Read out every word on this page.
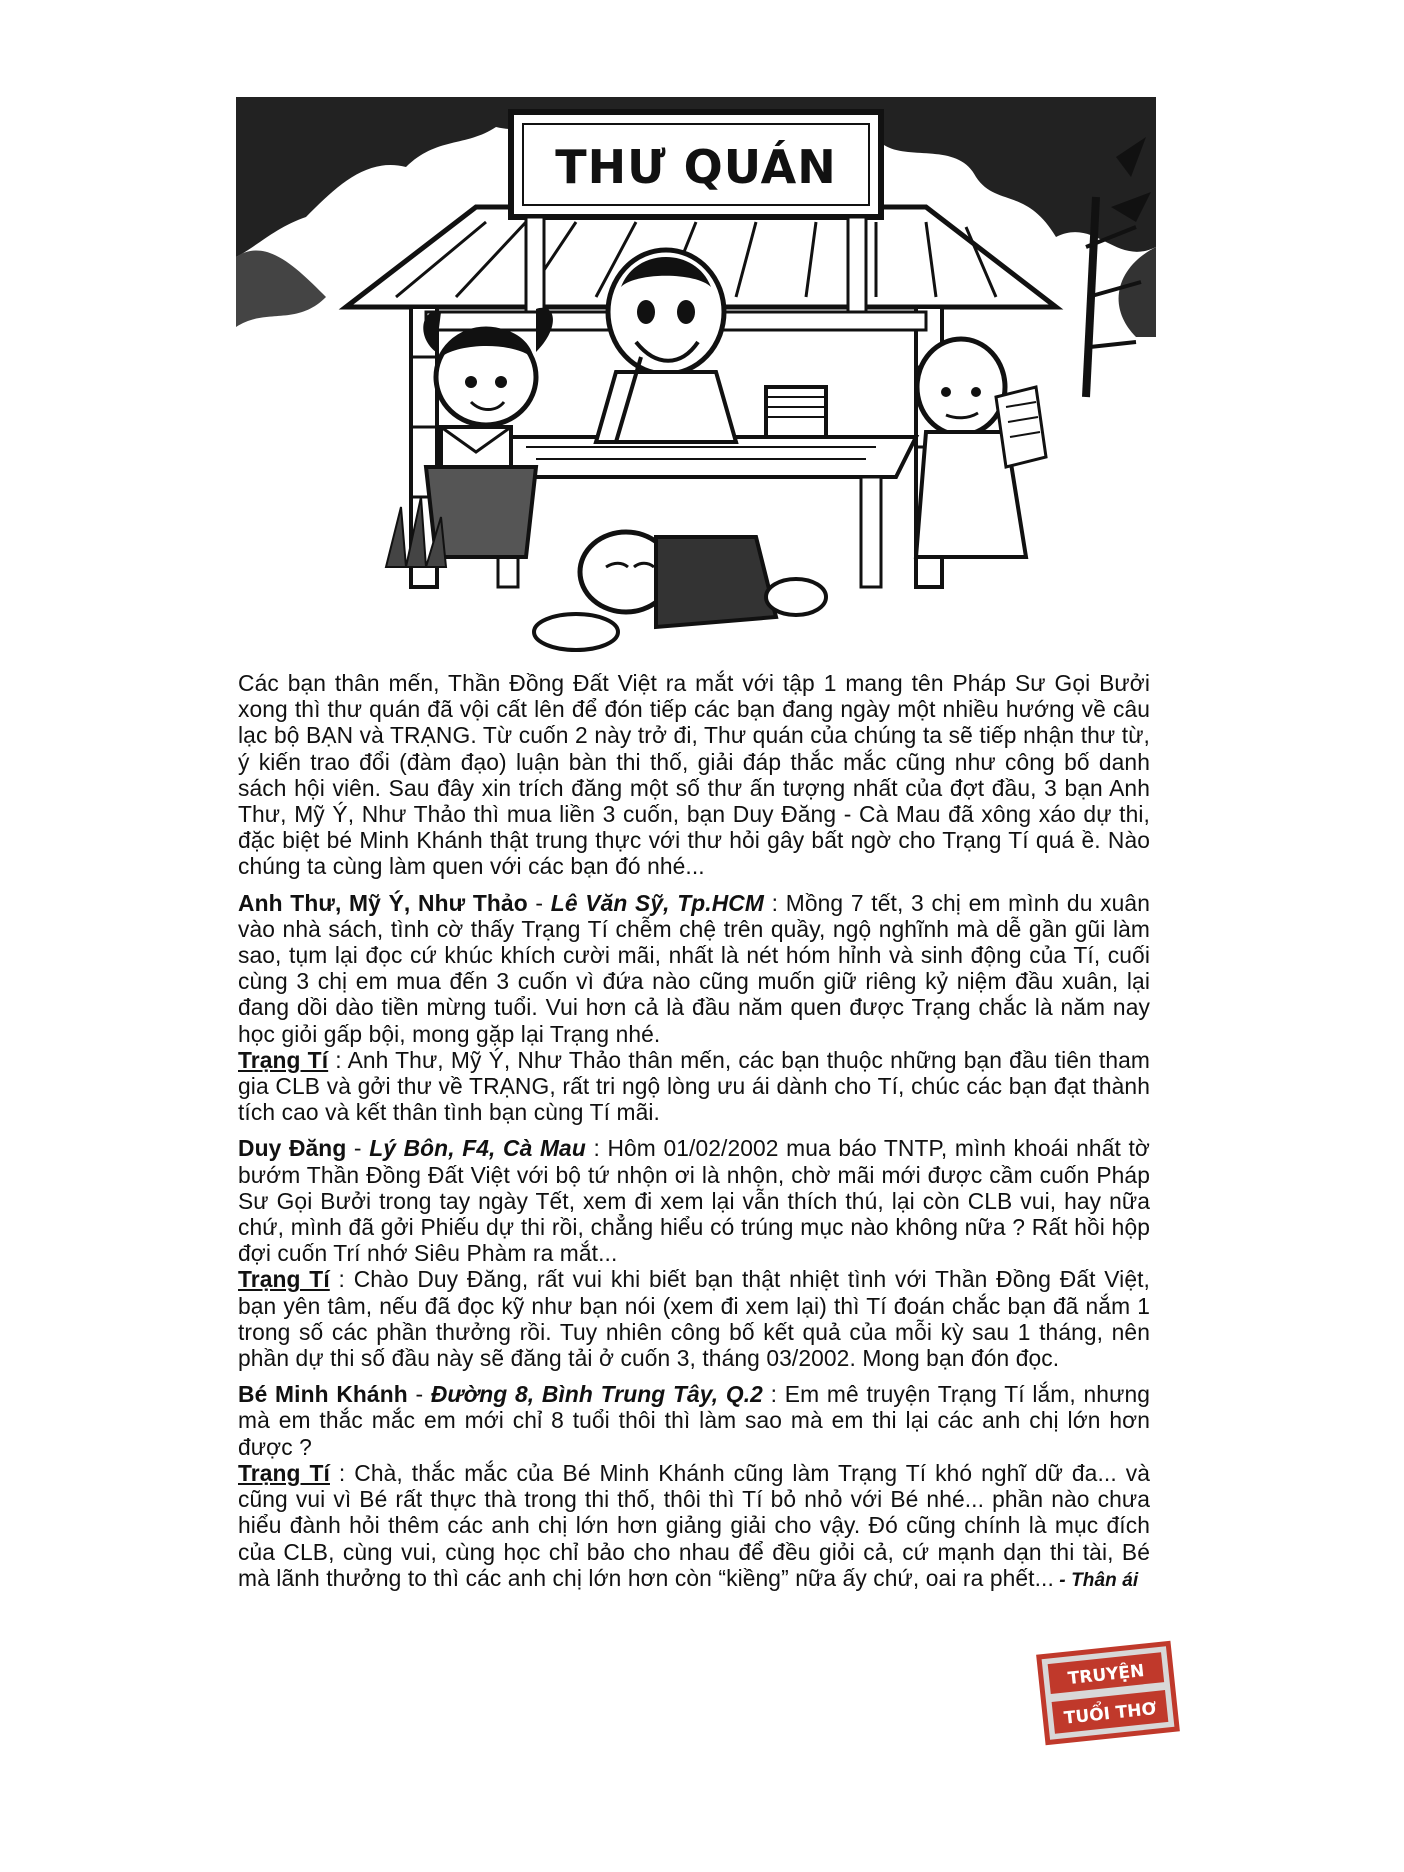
THƯ QUÁN

Các bạn thân mến, Thần Đồng Đất Việt ra mắt với tập 1 mang tên Pháp Sư Gọi Bưởi xong thì thư quán đã vội cất lên để đón tiếp các bạn đang ngày một nhiều hướng về câu lạc bộ BẠN và TRẠNG. Từ cuốn 2 này trở đi, Thư quán của chúng ta sẽ tiếp nhận thư từ, ý kiến trao đổi (đàm đạo) luận bàn thi thố, giải đáp thắc mắc cũng như công bố danh sách hội viên. Sau đây xin trích đăng một số thư ấn tượng nhất của đợt đầu, 3 bạn Anh Thư, Mỹ Ý, Như Thảo thì mua liền 3 cuốn, bạn Duy Đăng - Cà Mau đã xông xáo dự thi, đặc biệt bé Minh Khánh thật trung thực với thư hỏi gây bất ngờ cho Trạng Tí quá ề. Nào chúng ta cùng làm quen với các bạn đó nhé...

Anh Thư, Mỹ Ý, Như Thảo - Lê Văn Sỹ, Tp.HCM : Mồng 7 tết, 3 chị em mình du xuân vào nhà sách, tình cờ thấy Trạng Tí chễm chệ trên quầy, ngộ nghĩnh mà dễ gần gũi làm sao, tụm lại đọc cứ khúc khích cười mãi, nhất là nét hóm hỉnh và sinh động của Tí, cuối cùng 3 chị em mua đến 3 cuốn vì đứa nào cũng muốn giữ riêng kỷ niệm đầu xuân, lại đang dồi dào tiền mừng tuổi. Vui hơn cả là đầu năm quen được Trạng chắc là năm nay học giỏi gấp bội, mong gặp lại Trạng nhé.

Trạng Tí : Anh Thư, Mỹ Ý, Như Thảo thân mến, các bạn thuộc những bạn đầu tiên tham gia CLB và gởi thư về TRẠNG, rất tri ngộ lòng ưu ái dành cho Tí, chúc các bạn đạt thành tích cao và kết thân tình bạn cùng Tí mãi.

Duy Đăng - Lý Bôn, F4, Cà Mau : Hôm 01/02/2002 mua báo TNTP, mình khoái nhất tờ bướm Thần Đồng Đất Việt với bộ tứ nhộn ơi là nhộn, chờ mãi mới được cầm cuốn Pháp Sư Gọi Bưởi trong tay ngày Tết, xem đi xem lại vẫn thích thú, lại còn CLB vui, hay nữa chứ, mình đã gởi Phiếu dự thi rồi, chẳng hiểu có trúng mục nào không nữa ? Rất hồi hộp đợi cuốn Trí nhớ Siêu Phàm ra mắt...

Trạng Tí : Chào Duy Đăng, rất vui khi biết bạn thật nhiệt tình với Thần Đồng Đất Việt, bạn yên tâm, nếu đã đọc kỹ như bạn nói (xem đi xem lại) thì Tí đoán chắc bạn đã nắm 1 trong số các phần thưởng rồi. Tuy nhiên công bố kết quả của mỗi kỳ sau 1 tháng, nên phần dự thi số đầu này sẽ đăng tải ở cuốn 3, tháng 03/2002. Mong bạn đón đọc.

Bé Minh Khánh - Đường 8, Bình Trung Tây, Q.2 : Em mê truyện Trạng Tí lắm, nhưng mà em thắc mắc em mới chỉ 8 tuổi thôi thì làm sao mà em thi lại các anh chị lớn hơn được ?

Trạng Tí : Chà, thắc mắc của Bé Minh Khánh cũng làm Trạng Tí khó nghĩ dữ đa... và cũng vui vì Bé rất thực thà trong thi thố, thôi thì Tí bỏ nhỏ với Bé nhé... phần nào chưa hiểu đành hỏi thêm các anh chị lớn hơn giảng giải cho vậy. Đó cũng chính là mục đích của CLB, cùng vui, cùng học chỉ bảo cho nhau để đều giỏi cả, cứ mạnh dạn thi tài, Bé mà lãnh thưởng to thì các anh chị lớn hơn còn “kiềng” nữa ấy chứ, oai ra phết... - Thân ái

TRUYỆN
TUỔI THƠ
